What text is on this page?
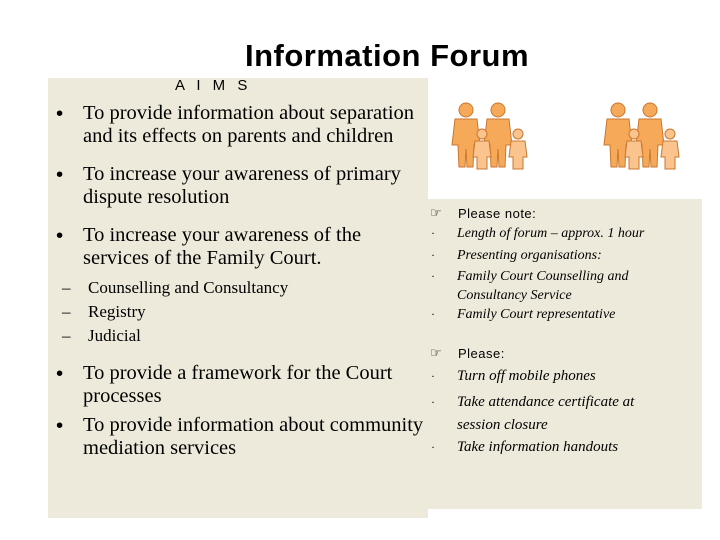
Information Forum
A I M S
• To provide information about separation and its effects on parents and children
• To increase your awareness of primary dispute resolution
• To increase your awareness of the services of the Family Court.
– Counselling and Consultancy
– Registry
– Judicial
• To provide a framework for the Court processes
• To provide information about community mediation services
☞ Please note:
· Length of forum – approx. 1 hour
· Presenting organisations:
· Family Court Counselling and Consultancy Service
· Family Court representative
☞ Please:
· Turn off mobile phones
· Take attendance certificate at session closure
· Take information handouts
